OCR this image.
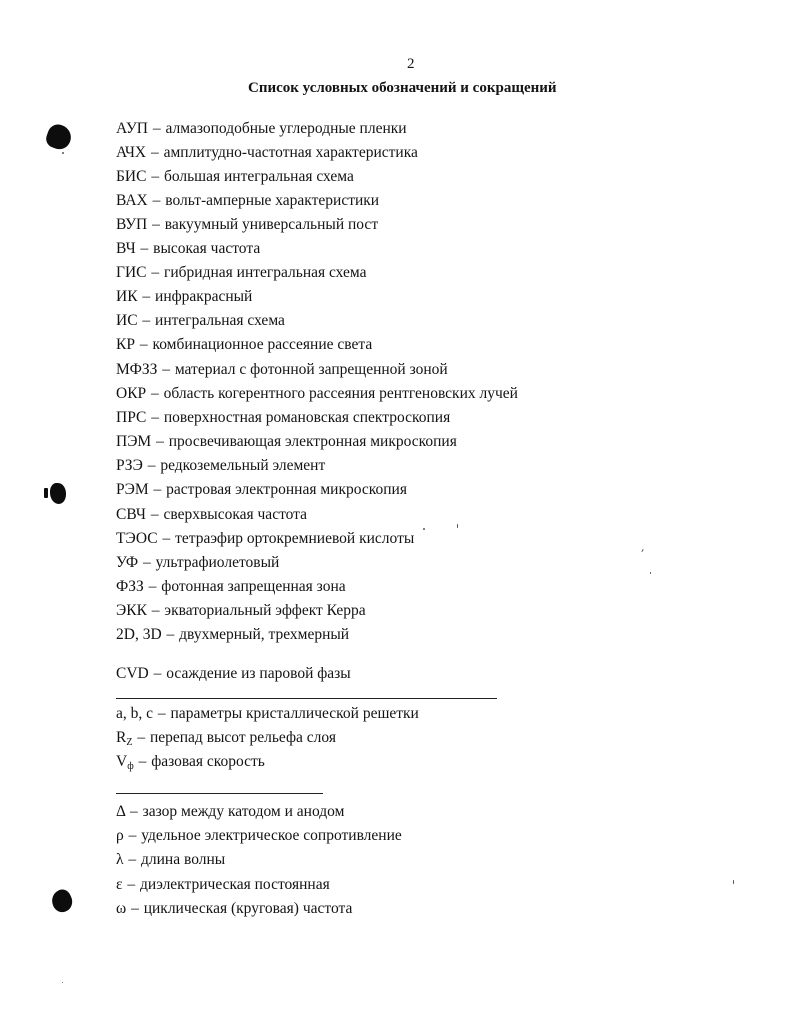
2
Список условных обозначений и сокращений
АУП – алмазоподобные углеродные пленки
АЧХ – амплитудно-частотная характеристика
БИС – большая интегральная схема
ВАХ – вольт-амперные характеристики
ВУП – вакуумный универсальный пост
ВЧ – высокая частота
ГИС – гибридная интегральная схема
ИК – инфракрасный
ИС – интегральная схема
КР – комбинационное рассеяние света
МФЗЗ – материал с фотонной запрещенной зоной
ОКР – область когерентного рассеяния рентгеновских лучей
ПРС – поверхностная романовская спектроскопия
ПЭМ – просвечивающая электронная микроскопия
РЗЭ – редкоземельный элемент
РЭМ – растровая электронная микроскопия
СВЧ – сверхвысокая частота
ТЭОС – тетраэфир ортокремниевой кислоты
УФ – ультрафиолетовый
ФЗЗ – фотонная запрещенная зона
ЭКК – экваториальный эффект Керра
2D, 3D – двухмерный, трехмерный
CVD – осаждение из паровой фазы
a, b, c – параметры кристаллической решетки
$R_Z$ – перепад высот рельефа слоя
$V_ф$ – фазовая скорость
Δ – зазор между катодом и анодом
ρ – удельное электрическое сопротивление
λ – длина волны
ε – диэлектрическая постоянная
ω – циклическая (круговая) частота
